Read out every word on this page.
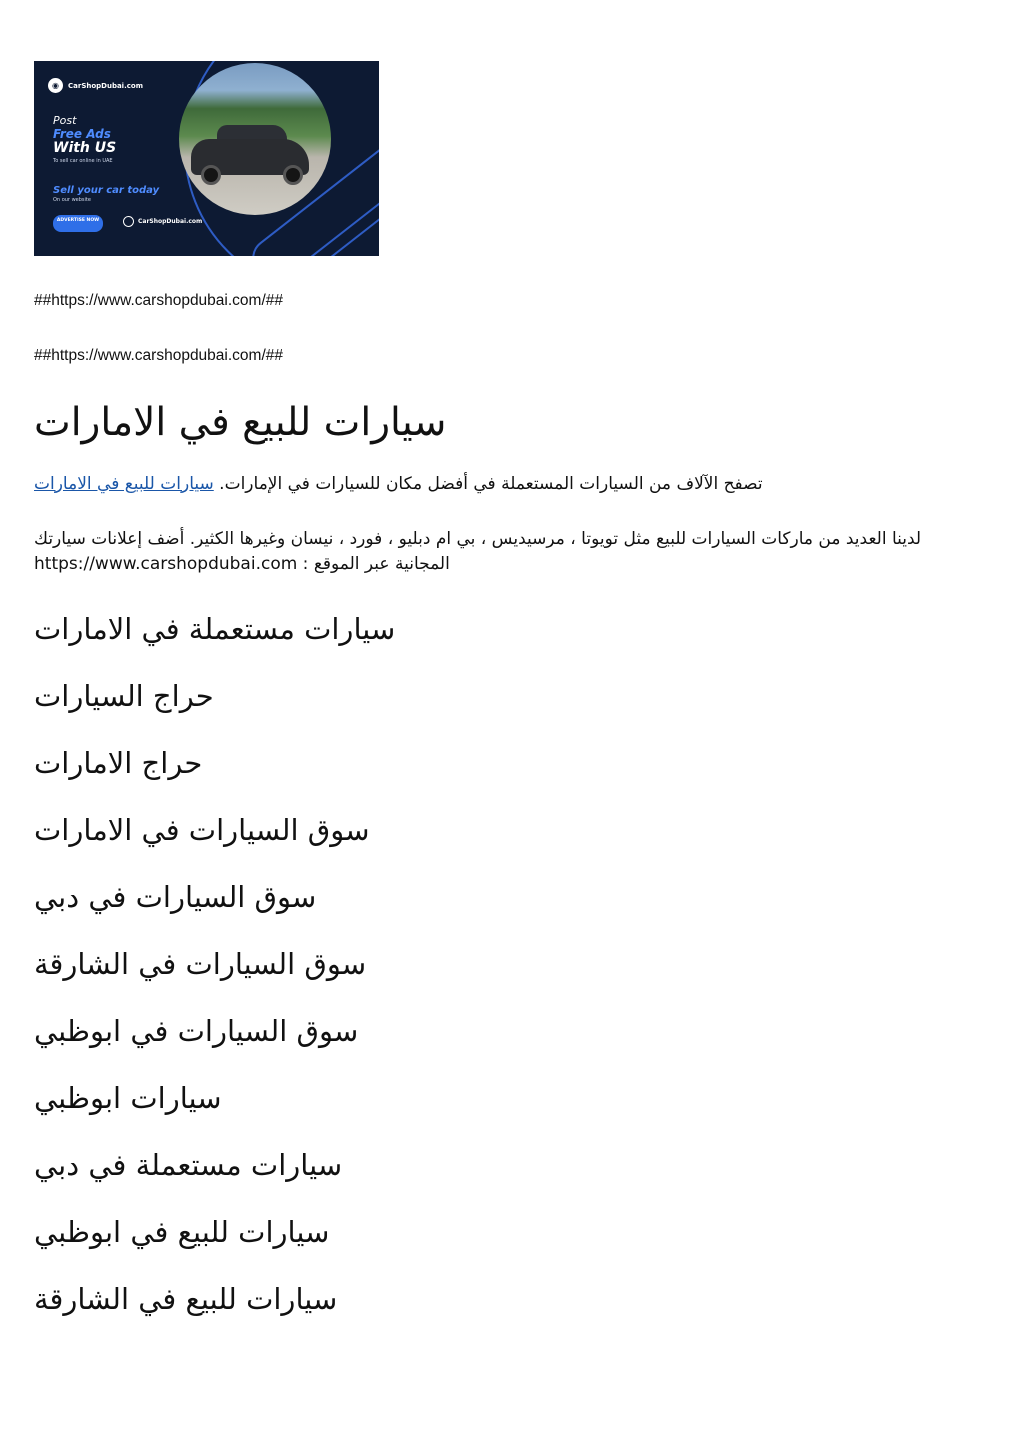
◉	CarShopDubai.com
Post
Free Ads
With US
To sell car online in UAE
Sell your car today
On our website
ADVERTISE NOW	CarShopDubai.com

##https://www.carshopdubai.com/##

##https://www.carshopdubai.com/##

سيارات للبيع في الامارات

تصفح الآلاف من السيارات المستعملة في أفضل مكان للسيارات في الإمارات. سيارات للبيع في الامارات

لدينا العديد من ماركات السيارات للبيع مثل تويوتا ، مرسيديس ، بي ام دبليو ، فورد ، نيسان وغيرها الكثير. أضف إعلانات سيارتك المجانية عبر الموقع : https://www.carshopdubai.com

سيارات مستعملة في الامارات
حراج السيارات
حراج الامارات
سوق السيارات في الامارات
سوق السيارات في دبي
سوق السيارات في الشارقة
سوق السيارات في ابوظبي
سيارات ابوظبي
سيارات مستعملة في دبي
سيارات للبيع في ابوظبي
سيارات للبيع في الشارقة
